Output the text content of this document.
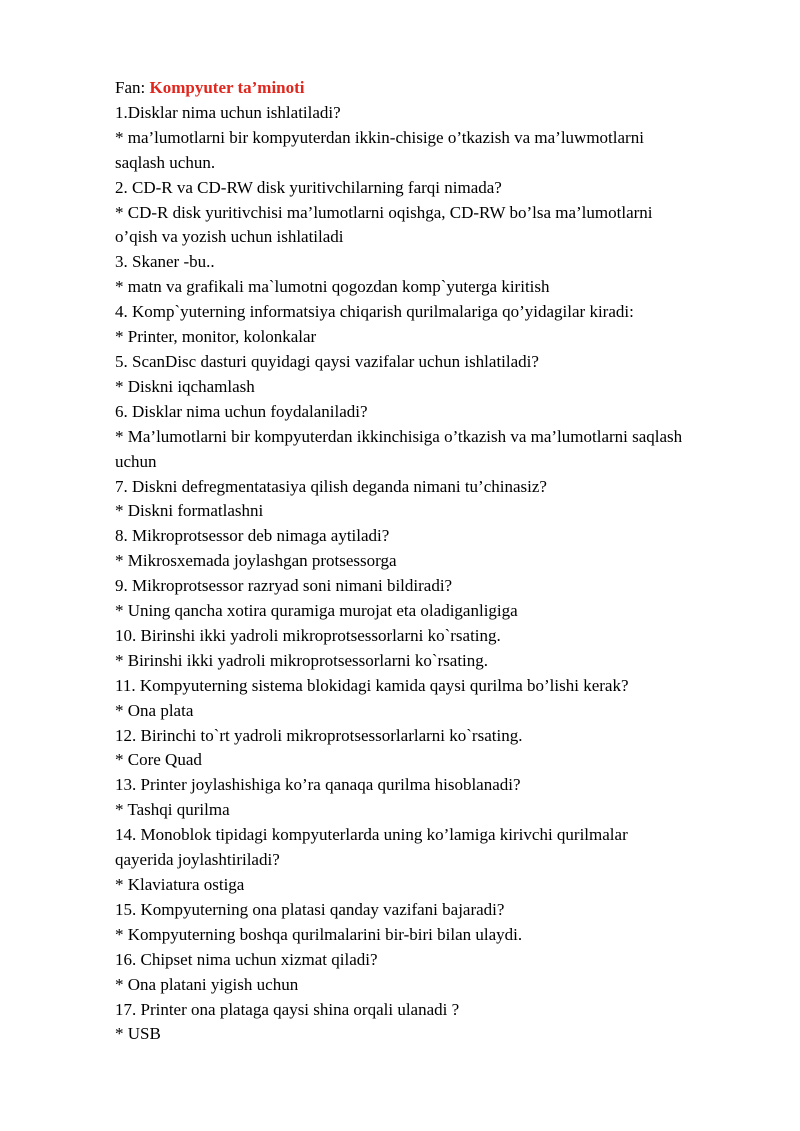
Fan: Kompyuter ta’minoti
1.Disklar nima uchun ishlatiladi?
* ma’lumotlarni bir kompyuterdan ikkin-chisige o’tkazish va ma’luwmotlarni
saqlash uchun.
2. CD-R va CD-RW disk yuritivchilarning farqi nimada?
* CD-R disk yuritivchisi ma’lumotlarni oqishga, CD-RW bo’lsa ma’lumotlarni
o’qish va yozish uchun ishlatiladi
3. Skaner -bu..
* matn va grafikali ma`lumotni qogozdan komp`yuterga kiritish
4. Komp`yuterning informatsiya chiqarish qurilmalariga qo’yidagilar kiradi:
* Printer, monitor, kolonkalar
5. ScanDisc dasturi quyidagi qaysi vazifalar uchun ishlatiladi?
* Diskni iqchamlash
6. Disklar nima uchun foydalaniladi?
* Ma’lumotlarni bir kompyuterdan ikkinchisiga o’tkazish va ma’lumotlarni saqlash
uchun
7. Diskni defregmentatasiya qilish deganda nimani tu’chinasiz?
* Diskni formatlashni
8. Mikroprotsessor deb nimaga aytiladi?
* Mikrosxemada joylashgan protsessorga
9. Mikroprotsessor razryad soni nimani bildiradi?
* Uning qancha xotira quramiga murojat eta oladiganligiga
10. Birinshi ikki yadroli mikroprotsessorlarni ko`rsating.
* Birinshi ikki yadroli mikroprotsessorlarni ko`rsating.
11. Kompyuterning sistema blokidagi kamida qaysi qurilma bo’lishi kerak?
* Ona plata
12. Birinchi to`rt yadroli mikroprotsessorlarlarni ko`rsating.
* Core Quad
13. Printer joylashishiga ko’ra qanaqa qurilma hisoblanadi?
* Tashqi qurilma
14. Monoblok tipidagi kompyuterlarda uning ko’lamiga kirivchi qurilmalar
qayerida joylashtiriladi?
* Klaviatura ostiga
15. Kompyuterning ona platasi qanday vazifani bajaradi?
* Kompyuterning boshqa qurilmalarini bir-biri bilan ulaydi.
16. Chipset nima uchun xizmat qiladi?
* Ona platani yigish uchun
17. Printer ona plataga qaysi shina orqali ulanadi ?
* USB
